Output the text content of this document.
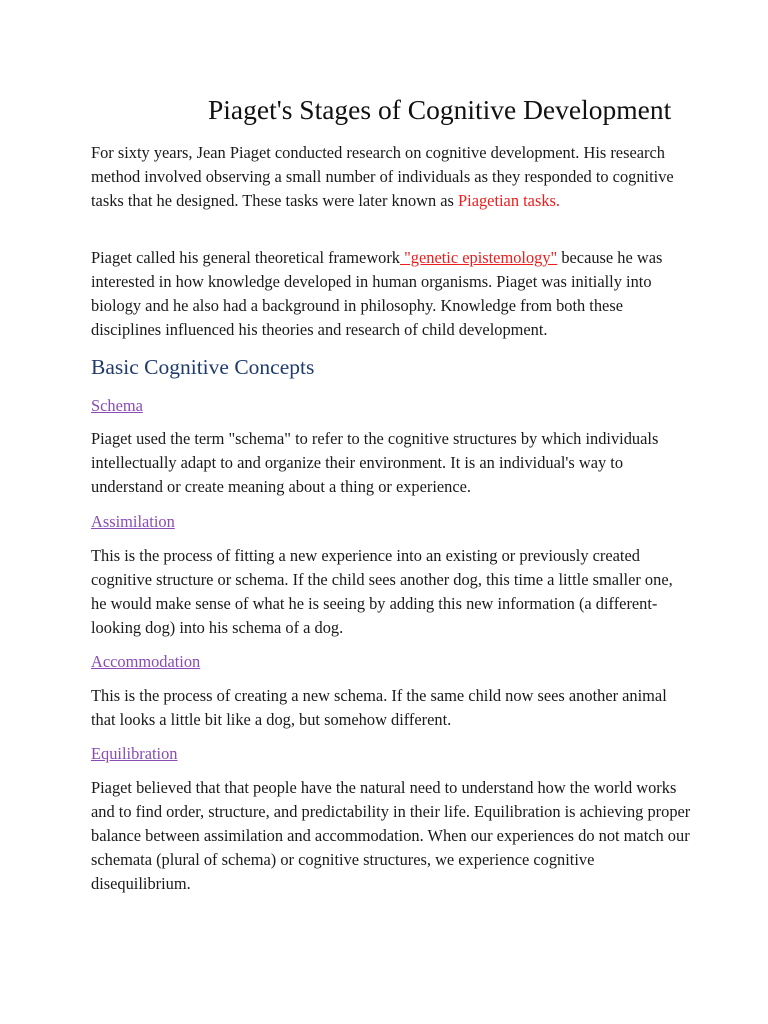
Piaget's Stages of Cognitive Development

For sixty years, Jean Piaget conducted research on cognitive development. His research method involved observing a small number of individuals as they responded to cognitive tasks that he designed. These tasks were later known as Piagetian tasks.

Piaget called his general theoretical framework "genetic epistemology" because he was interested in how knowledge developed in human organisms. Piaget was initially into biology and he also had a background in philosophy. Knowledge from both these disciplines influenced his theories and research of child development.

Basic Cognitive Concepts

Schema

Piaget used the term "schema" to refer to the cognitive structures by which individuals intellectually adapt to and organize their environment. It is an individual's way to understand or create meaning about a thing or experience.

Assimilation

This is the process of fitting a new experience into an existing or previously created cognitive structure or schema. If the child sees another dog, this time a little smaller one, he would make sense of what he is seeing by adding this new information (a different-looking dog) into his schema of a dog.

Accommodation

This is the process of creating a new schema. If the same child now sees another animal that looks a little bit like a dog, but somehow different.

Equilibration

Piaget believed that that people have the natural need to understand how the world works and to find order, structure, and predictability in their life. Equilibration is achieving proper balance between assimilation and accommodation. When our experiences do not match our schemata (plural of schema) or cognitive structures, we experience cognitive disequilibrium.
